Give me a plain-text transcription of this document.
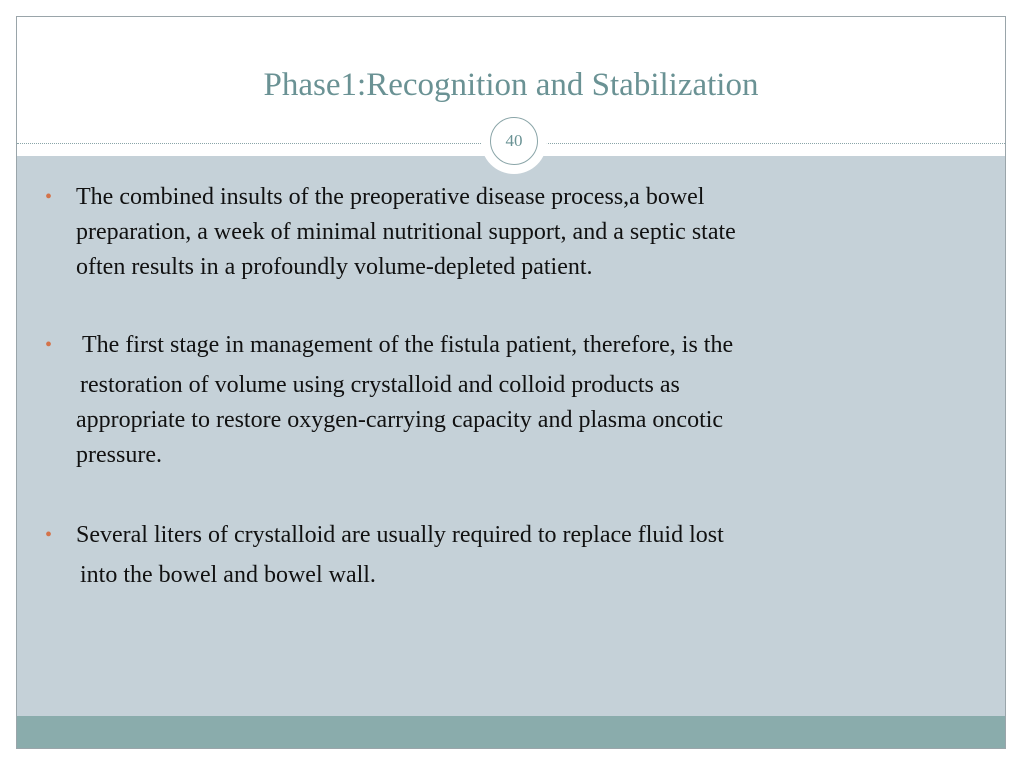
Phase1:Recognition and Stabilization
• The combined insults of the preoperative disease process,a bowel
preparation, a week of minimal nutritional support, and a septic state
often results in a profoundly volume-depleted patient.
• The first stage in management of the fistula patient, therefore, is the
restoration of volume using crystalloid and colloid products as
appropriate to restore oxygen-carrying capacity and plasma oncotic
pressure.
• Several liters of crystalloid are usually required to replace fluid lost
into the bowel and bowel wall.
40
